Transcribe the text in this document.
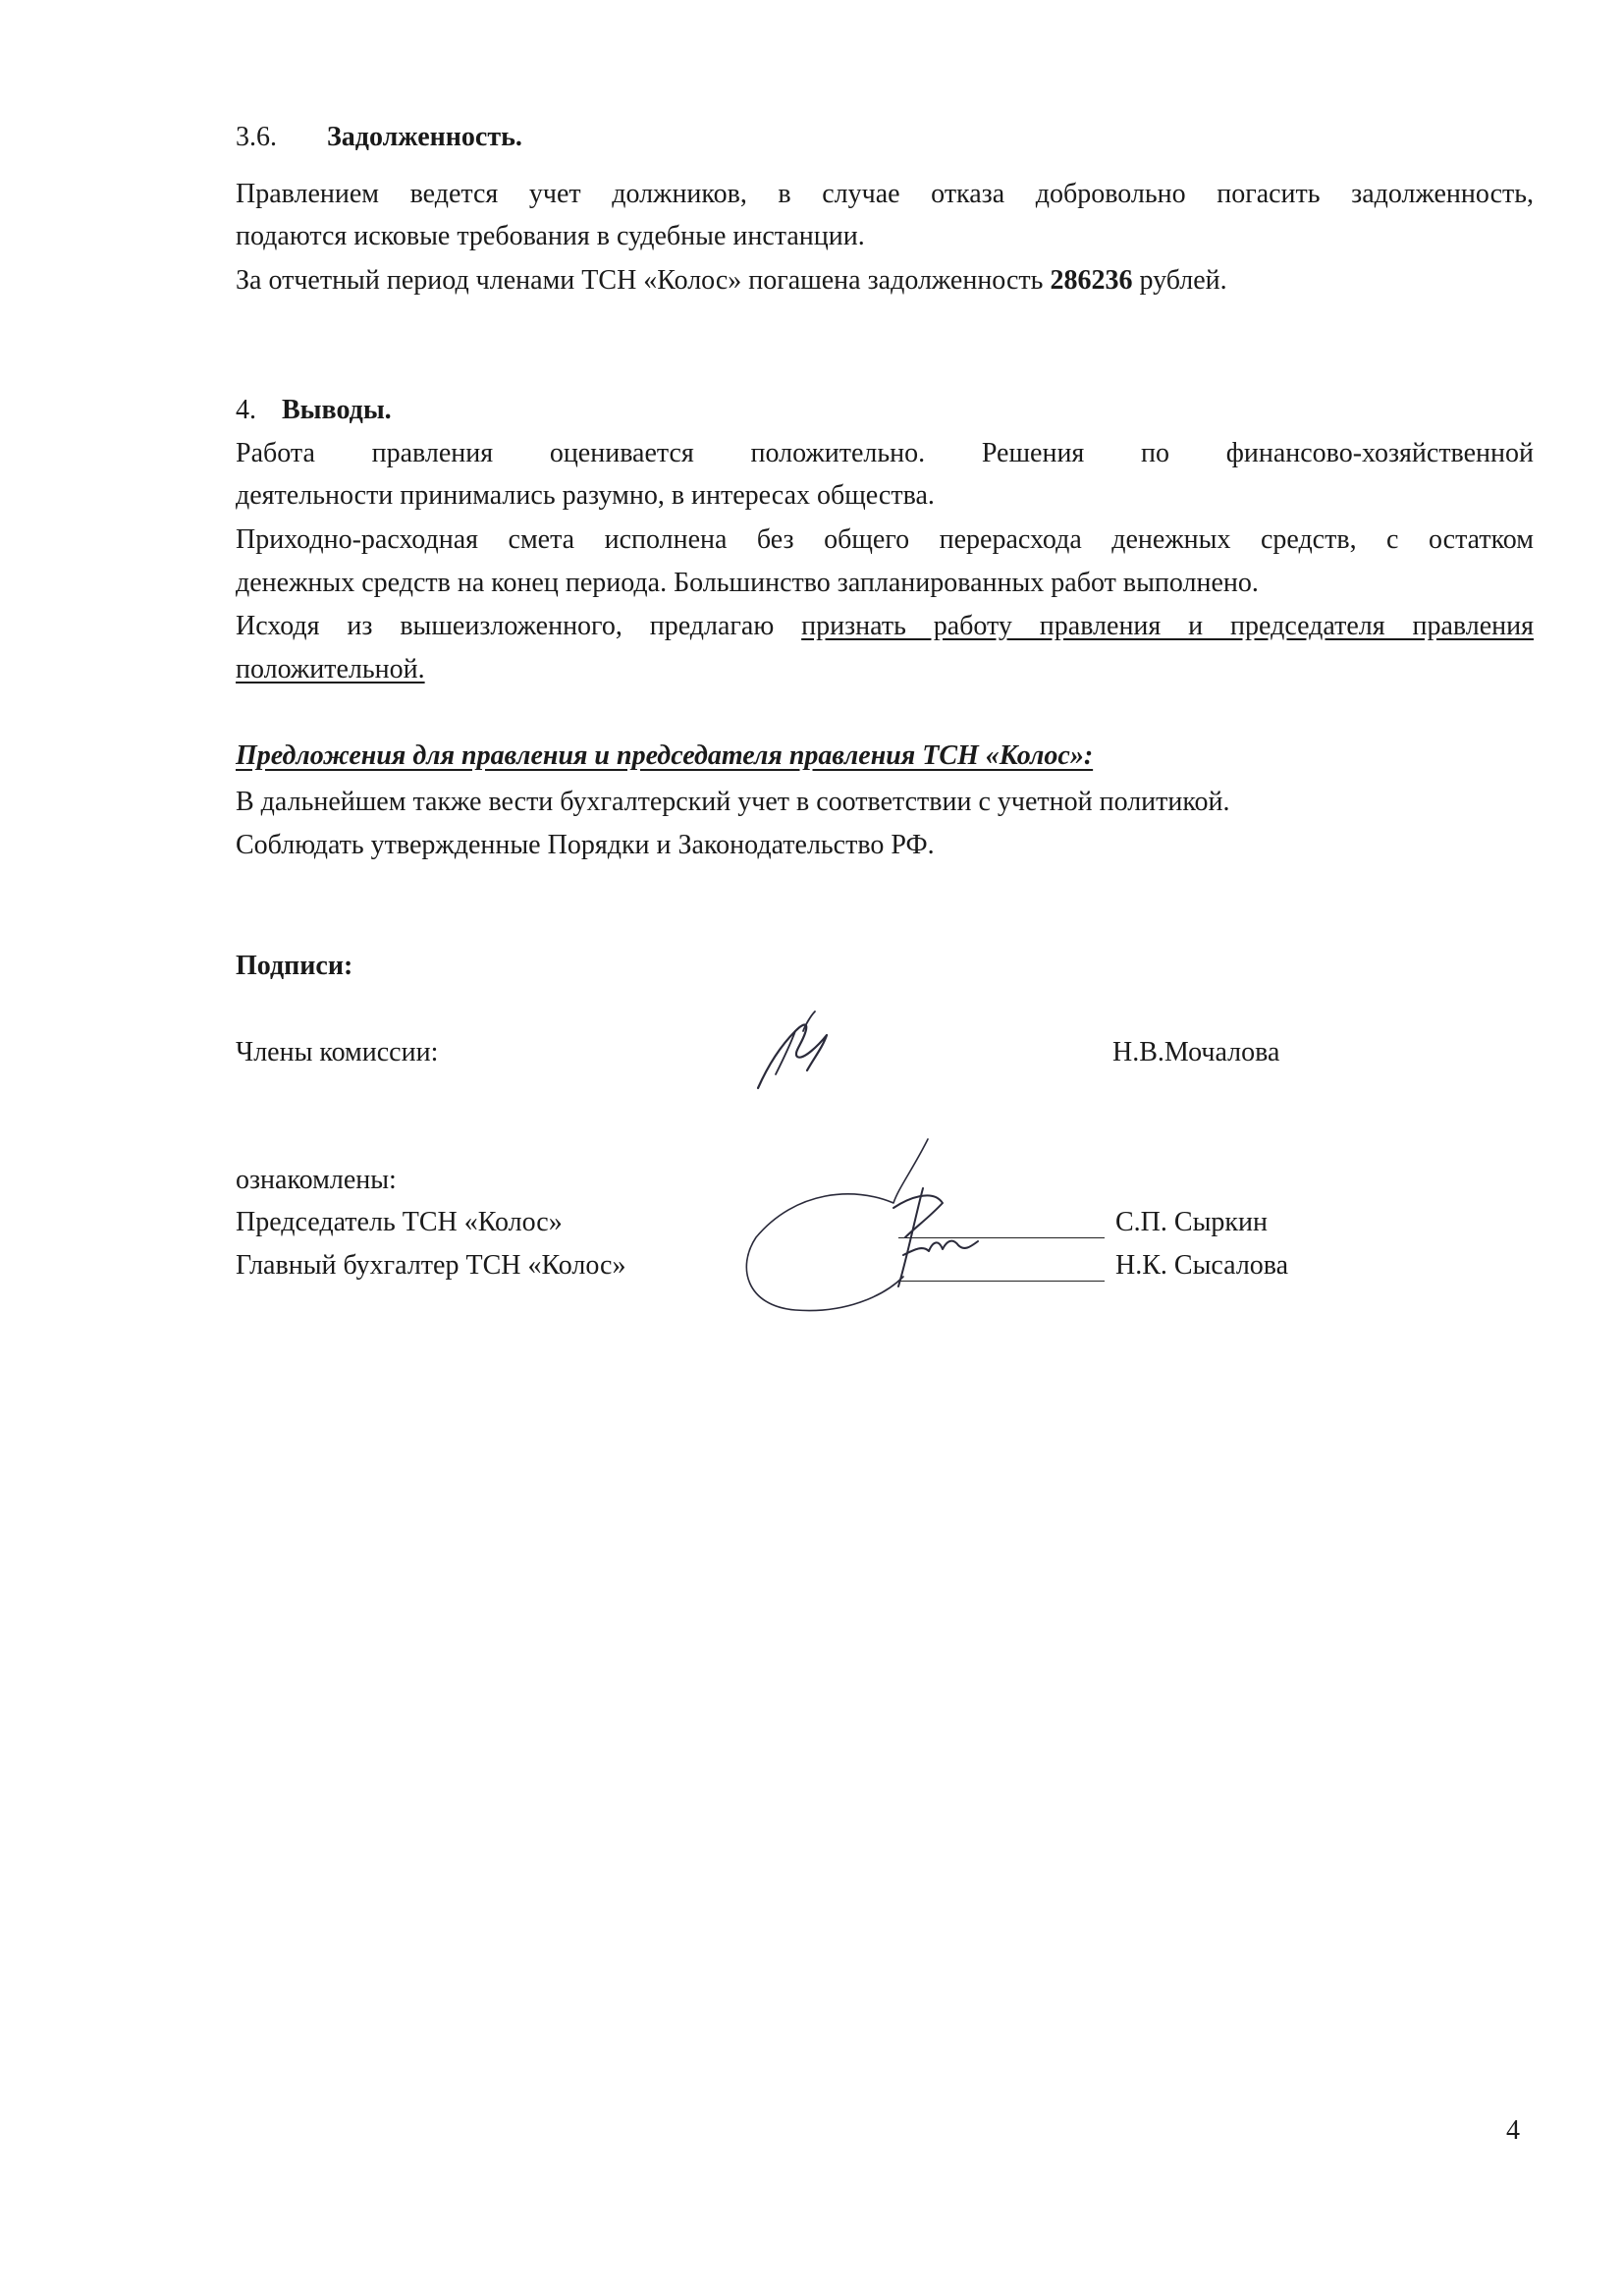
3.6. Задолженность.
Правлением ведется учет должников, в случае отказа добровольно погасить задолженность,
подаются исковые требования в судебные инстанции.
За отчетный период членами ТСН «Колос» погашена задолженность 286236 рублей.
4. Выводы.
Работа правления оценивается положительно. Решения по финансово-хозяйственной
деятельности принимались разумно, в интересах общества.
Приходно-расходная смета исполнена без общего перерасхода денежных средств, с остатком
денежных средств на конец периода. Большинство запланированных работ выполнено.
Исходя из вышеизложенного, предлагаю признать работу правления и председателя правления
положительной.
Предложения для правления и председателя правления ТСН «Колос»:
В дальнейшем также вести бухгалтерский учет в соответствии с учетной политикой.
Соблюдать утвержденные Порядки и Законодательство РФ.
Подписи:
Члены комиссии:	Н.В.Мочалова
ознакомлены:
Председатель ТСН «Колос»	С.П. Сыркин
Главный бухгалтер ТСН «Колос»	Н.К. Сысалова
4
